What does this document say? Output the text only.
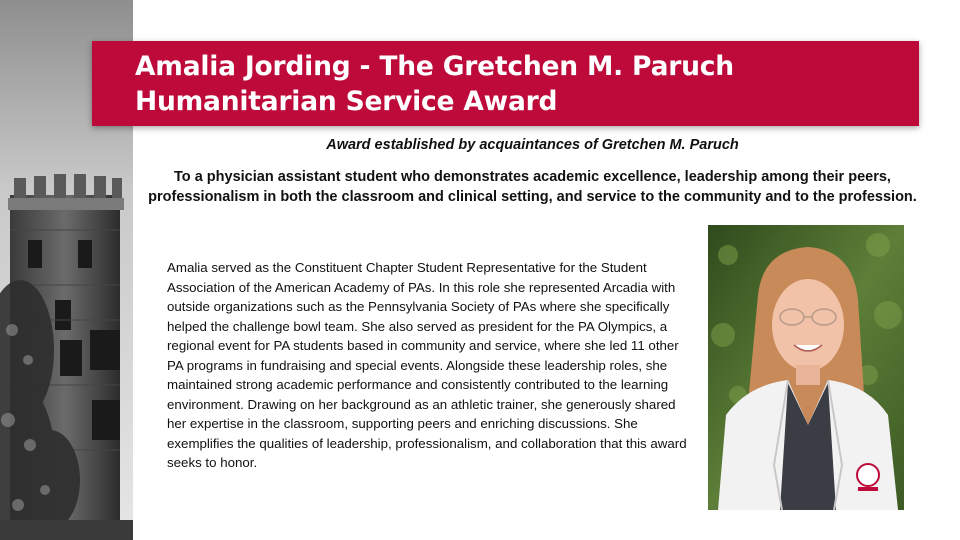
Amalia Jording - The Gretchen M. Paruch
Humanitarian Service Award
Award established by acquaintances of Gretchen M. Paruch
To a physician assistant student who demonstrates academic excellence, leadership among their peers, professionalism in both the classroom and clinical setting, and service to the community and to the profession.
Amalia served as the Constituent Chapter Student Representative for the Student Association of the American Academy of PAs. In this role she represented Arcadia with outside organizations such as the Pennsylvania Society of PAs where she specifically helped the challenge bowl team. She also served as president for the PA Olympics, a regional event for PA students based in community and service, where she led 11 other PA programs in fundraising and special events. Alongside these leadership roles, she maintained strong academic performance and consistently contributed to the learning environment. Drawing on her background as an athletic trainer, she generously shared her expertise in the classroom, supporting peers and enriching discussions. She exemplifies the qualities of leadership, professionalism, and collaboration that this award seeks to honor.
